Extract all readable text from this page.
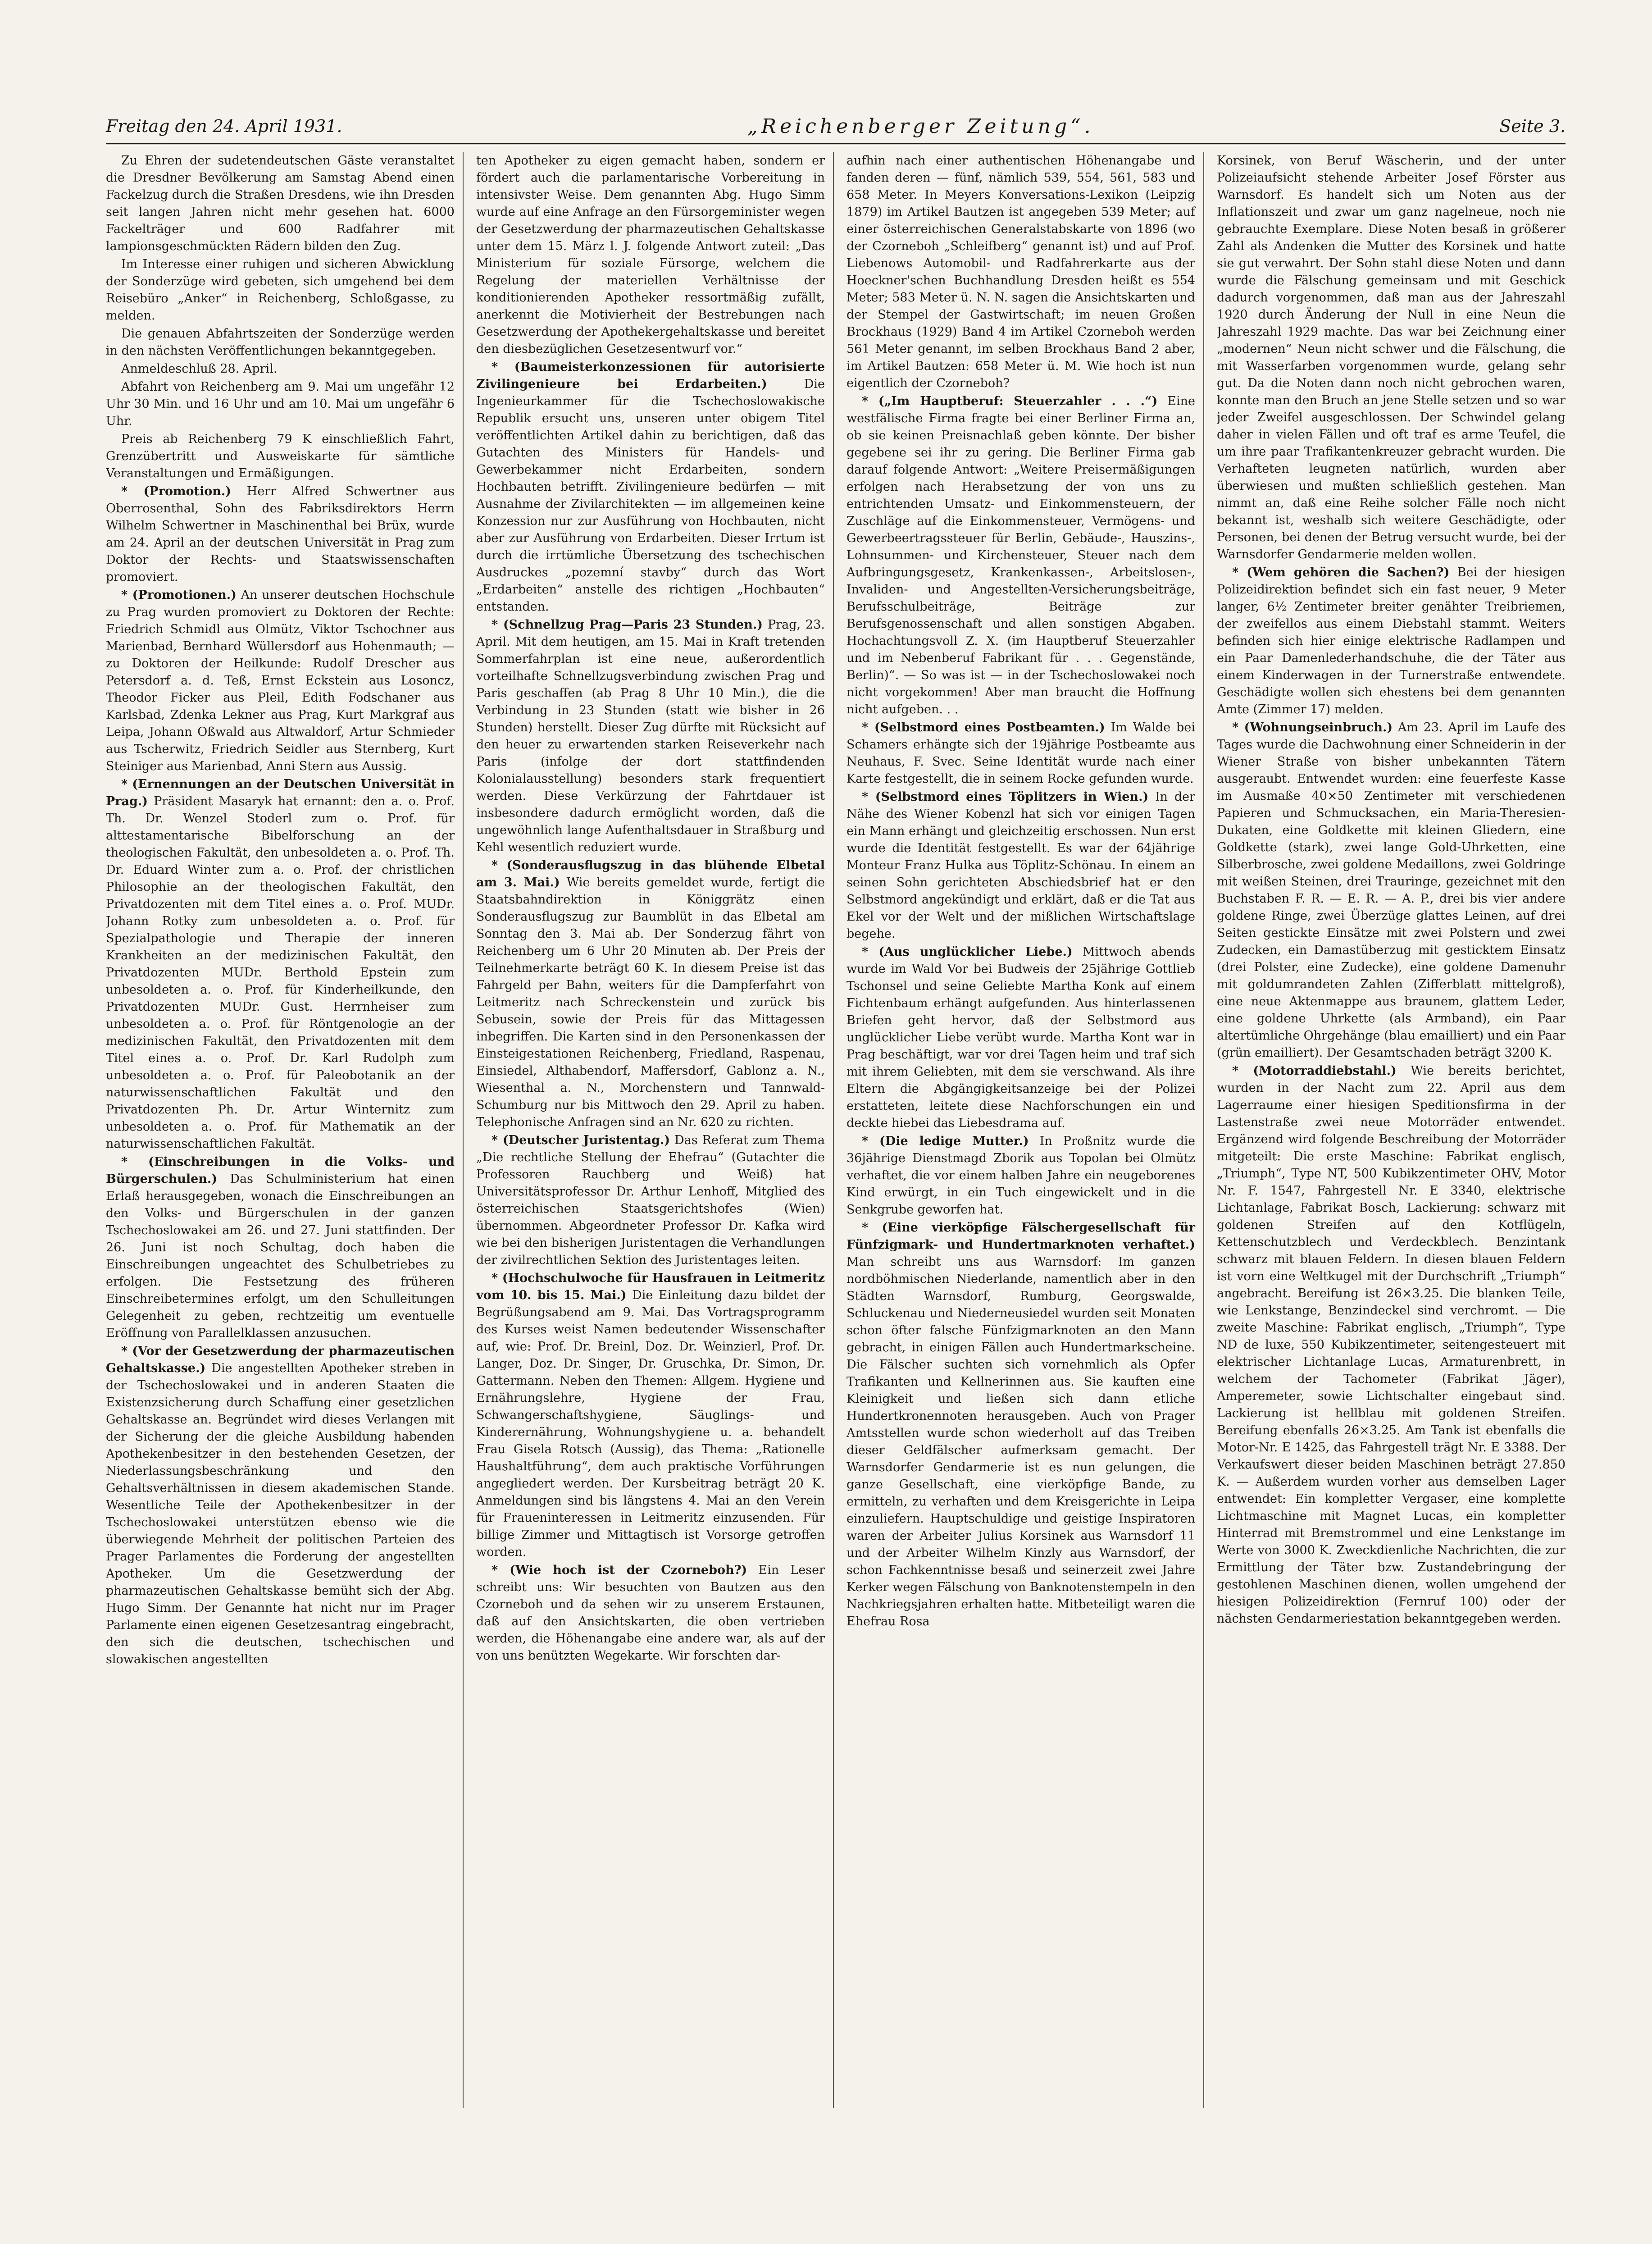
Freitag den 24. April 1931.	„Reichenberger Zeitung“.	Seite 3.

Zu Ehren der sudetendeutschen Gäste veranstaltet die Dresdner Bevölkerung am Samstag Abend einen Fackelzug durch die Straßen Dresdens, wie ihn Dresden seit langen Jahren nicht mehr gesehen hat. 6000 Fackelträger und 600 Radfahrer mit lampionsgeschmückten Rädern bilden den Zug.

Im Interesse einer ruhigen und sicheren Abwicklung der Sonderzüge wird gebeten, sich umgehend bei dem Reisebüro „Anker“ in Reichenberg, Schloßgasse, zu melden.

Die genauen Abfahrtszeiten der Sonderzüge werden in den nächsten Veröffentlichungen bekanntgegeben.

Anmeldeschluß 28. April.

Abfahrt von Reichenberg am 9. Mai um ungefähr 12 Uhr 30 Min. und 16 Uhr und am 10. Mai um ungefähr 6 Uhr.

Preis ab Reichenberg 79 K einschließlich Fahrt, Grenzübertritt und Ausweiskarte für sämtliche Veranstaltungen und Ermäßigungen.

* (Promotion.) Herr Alfred Schwertner aus Oberrosenthal, Sohn des Fabriksdirektors Herrn Wilhelm Schwertner in Maschinenthal bei Brüx, wurde am 24. April an der deutschen Universität in Prag zum Doktor der Rechts- und Staatswissenschaften promoviert.

* (Promotionen.) An unserer deutschen Hochschule zu Prag wurden promoviert zu Doktoren der Rechte: Friedrich Schmidl aus Olmütz, Viktor Tschochner aus Marienbad, Bernhard Wüllersdorf aus Hohenmauth; — zu Doktoren der Heilkunde: Rudolf Drescher aus Petersdorf a. d. Teß, Ernst Eckstein aus Losoncz, Theodor Ficker aus Pleil, Edith Fodschaner aus Karlsbad, Zdenka Lekner aus Prag, Kurt Markgraf aus Leipa, Johann Oßwald aus Altwaldorf, Artur Schmieder aus Tscherwitz, Friedrich Seidler aus Sternberg, Kurt Steiniger aus Marienbad, Anni Stern aus Aussig.

* (Ernennungen an der Deutschen Universität in Prag.) Präsident Masaryk hat ernannt: den a. o. Prof. Th. Dr. Wenzel Stoderl zum o. Prof. für alttestamentarische Bibelforschung an der theologischen Fakultät, den unbesoldeten a. o. Prof. Th. Dr. Eduard Winter zum a. o. Prof. der christlichen Philosophie an der theologischen Fakultät, den Privatdozenten mit dem Titel eines a. o. Prof. MUDr. Johann Rotky zum unbesoldeten a. o. Prof. für Spezialpathologie und Therapie der inneren Krankheiten an der medizinischen Fakultät, den Privatdozenten MUDr. Berthold Epstein zum unbesoldeten a. o. Prof. für Kinderheilkunde, den Privatdozenten MUDr. Gust. Herrnheiser zum unbesoldeten a. o. Prof. für Röntgenologie an der medizinischen Fakultät, den Privatdozenten mit dem Titel eines a. o. Prof. Dr. Karl Rudolph zum unbesoldeten a. o. Prof. für Paleobotanik an der naturwissenschaftlichen Fakultät und den Privatdozenten Ph. Dr. Artur Winternitz zum unbesoldeten a. o. Prof. für Mathematik an der naturwissenschaftlichen Fakultät.

* (Einschreibungen in die Volks- und Bürgerschulen.) Das Schulministerium hat einen Erlaß herausgegeben, wonach die Einschreibungen an den Volks- und Bürgerschulen in der ganzen Tschechoslowakei am 26. und 27. Juni stattfinden. Der 26. Juni ist noch Schultag, doch haben die Einschreibungen ungeachtet des Schulbetriebes zu erfolgen. Die Festsetzung des früheren Einschreibetermines erfolgt, um den Schulleitungen Gelegenheit zu geben, rechtzeitig um eventuelle Eröffnung von Parallelklassen anzusuchen.

* (Vor der Gesetzwerdung der pharmazeutischen Gehaltskasse.) Die angestellten Apotheker streben in der Tschechoslowakei und in anderen Staaten die Existenzsicherung durch Schaffung einer gesetzlichen Gehaltskasse an. Begründet wird dieses Verlangen mit der Sicherung der die gleiche Ausbildung habenden Apothekenbesitzer in den bestehenden Gesetzen, der Niederlassungsbeschränkung und den Gehaltsverhältnissen in diesem akademischen Stande. Wesentliche Teile der Apothekenbesitzer in der Tschechoslowakei unterstützen ebenso wie die überwiegende Mehrheit der politischen Parteien des Prager Parlamentes die Forderung der angestellten Apotheker. Um die Gesetzwerdung der pharmazeutischen Gehaltskasse bemüht sich der Abg. Hugo Simm. Der Genannte hat nicht nur im Prager Parlamente einen eigenen Gesetzesantrag eingebracht, den sich die deutschen, tschechischen und slowakischen angestellten

ten Apotheker zu eigen gemacht haben, sondern er fördert auch die parlamentarische Vorbereitung in intensivster Weise. Dem genannten Abg. Hugo Simm wurde auf eine Anfrage an den Fürsorgeminister wegen der Gesetzwerdung der pharmazeutischen Gehaltskasse unter dem 15. März l. J. folgende Antwort zuteil: „Das Ministerium für soziale Fürsorge, welchem die Regelung der materiellen Verhältnisse der konditionierenden Apotheker ressortmäßig zufällt, anerkennt die Motivierheit der Bestrebungen nach Gesetzwerdung der Apothekergehaltskasse und bereitet den diesbezüglichen Gesetzesentwurf vor.“

* (Baumeisterkonzessionen für autorisierte Zivilingenieure bei Erdarbeiten.) Die Ingenieurkammer für die Tschechoslowakische Republik ersucht uns, unseren unter obigem Titel veröffentlichten Artikel dahin zu berichtigen, daß das Gutachten des Ministers für Handels- und Gewerbekammer nicht Erdarbeiten, sondern Hochbauten betrifft. Zivilingenieure bedürfen — mit Ausnahme der Zivilarchitekten — im allgemeinen keine Konzession nur zur Ausführung von Hochbauten, nicht aber zur Ausführung von Erdarbeiten. Dieser Irrtum ist durch die irrtümliche Übersetzung des tschechischen Ausdruckes „pozemní stavby“ durch das Wort „Erdarbeiten“ anstelle des richtigen „Hochbauten“ entstanden.

* (Schnellzug Prag—Paris 23 Stunden.) Prag, 23. April. Mit dem heutigen, am 15. Mai in Kraft tretenden Sommerfahrplan ist eine neue, außerordentlich vorteilhafte Schnellzugsverbindung zwischen Prag und Paris geschaffen (ab Prag 8 Uhr 10 Min.), die die Verbindung in 23 Stunden (statt wie bisher in 26 Stunden) herstellt. Dieser Zug dürfte mit Rücksicht auf den heuer zu erwartenden starken Reiseverkehr nach Paris (infolge der dort stattfindenden Kolonialausstellung) besonders stark frequentiert werden. Diese Verkürzung der Fahrtdauer ist insbesondere dadurch ermöglicht worden, daß die ungewöhnlich lange Aufenthaltsdauer in Straßburg und Kehl wesentlich reduziert wurde.

* (Sonderausflugszug in das blühende Elbetal am 3. Mai.) Wie bereits gemeldet wurde, fertigt die Staatsbahndirektion in Königgrätz einen Sonderausflugszug zur Baumblüt in das Elbetal am Sonntag den 3. Mai ab. Der Sonderzug fährt von Reichenberg um 6 Uhr 20 Minuten ab. Der Preis der Teilnehmerkarte beträgt 60 K. In diesem Preise ist das Fahrgeld per Bahn, weiters für die Dampferfahrt von Leitmeritz nach Schreckenstein und zurück bis Sebusein, sowie der Preis für das Mittagessen inbegriffen. Die Karten sind in den Personenkassen der Einsteigestationen Reichenberg, Friedland, Raspenau, Einsiedel, Althabendorf, Maffersdorf, Gablonz a. N., Wiesenthal a. N., Morchenstern und Tannwald-Schumburg nur bis Mittwoch den 29. April zu haben. Telephonische Anfragen sind an Nr. 620 zu richten.

* (Deutscher Juristentag.) Das Referat zum Thema „Die rechtliche Stellung der Ehefrau“ (Gutachter die Professoren Rauchberg und Weiß) hat Universitätsprofessor Dr. Arthur Lenhoff, Mitglied des österreichischen Staatsgerichtshofes (Wien) übernommen. Abgeordneter Professor Dr. Kafka wird wie bei den bisherigen Juristentagen die Verhandlungen der zivilrechtlichen Sektion des Juristentages leiten.

* (Hochschulwoche für Hausfrauen in Leitmeritz vom 10. bis 15. Mai.) Die Einleitung dazu bildet der Begrüßungsabend am 9. Mai. Das Vortragsprogramm des Kurses weist Namen bedeutender Wissenschafter auf, wie: Prof. Dr. Breinl, Doz. Dr. Weinzierl, Prof. Dr. Langer, Doz. Dr. Singer, Dr. Gruschka, Dr. Simon, Dr. Gattermann. Neben den Themen: Allgem. Hygiene und Ernährungslehre, Hygiene der Frau, Schwangerschaftshygiene, Säuglings- und Kinderernährung, Wohnungshygiene u. a. behandelt Frau Gisela Rotsch (Aussig), das Thema: „Rationelle Haushaltführung“, dem auch praktische Vorführungen angegliedert werden. Der Kursbeitrag beträgt 20 K. Anmeldungen sind bis längstens 4. Mai an den Verein für Fraueninteressen in Leitmeritz einzusenden. Für billige Zimmer und Mittagtisch ist Vorsorge getroffen worden.

* (Wie hoch ist der Czorneboh?) Ein Leser schreibt uns: Wir besuchten von Bautzen aus den Czorneboh und da sehen wir zu unserem Erstaunen, daß auf den Ansichtskarten, die oben vertrieben werden, die Höhenangabe eine andere war, als auf der von uns benützten Wegekarte. Wir forschten dar-

aufhin nach einer authentischen Höhenangabe und fanden deren — fünf, nämlich 539, 554, 561, 583 und 658 Meter. In Meyers Konversations-Lexikon (Leipzig 1879) im Artikel Bautzen ist angegeben 539 Meter; auf einer österreichischen Generalstabskarte von 1896 (wo der Czorneboh „Schleifberg“ genannt ist) und auf Prof. Liebenows Automobil- und Radfahrerkarte aus der Hoeckner'schen Buchhandlung Dresden heißt es 554 Meter; 583 Meter ü. N. N. sagen die Ansichtskarten und der Stempel der Gastwirtschaft; im neuen Großen Brockhaus (1929) Band 4 im Artikel Czorneboh werden 561 Meter genannt, im selben Brockhaus Band 2 aber, im Artikel Bautzen: 658 Meter ü. M. Wie hoch ist nun eigentlich der Czorneboh?

* („Im Hauptberuf: Steuerzahler . . .“) Eine westfälische Firma fragte bei einer Berliner Firma an, ob sie keinen Preisnachlaß geben könnte. Der bisher gegebene sei ihr zu gering. Die Berliner Firma gab darauf folgende Antwort: „Weitere Preisermäßigungen erfolgen nach Herabsetzung der von uns zu entrichtenden Umsatz- und Einkommensteuern, der Zuschläge auf die Einkommensteuer, Vermögens- und Gewerbeertragssteuer für Berlin, Gebäude-, Hauszins-, Lohnsummen- und Kirchensteuer, Steuer nach dem Aufbringungsgesetz, Krankenkassen-, Arbeitslosen-, Invaliden- und Angestellten-Versicherungsbeiträge, Berufsschulbeiträge, Beiträge zur Berufsgenossenschaft und allen sonstigen Abgaben. Hochachtungsvoll Z. X. (im Hauptberuf Steuerzahler und im Nebenberuf Fabrikant für . . . Gegenstände, Berlin)“. — So was ist — in der Tschechoslowakei noch nicht vorgekommen! Aber man braucht die Hoffnung nicht aufgeben. . .

* (Selbstmord eines Postbeamten.) Im Walde bei Schamers erhängte sich der 19jährige Postbeamte aus Neuhaus, F. Svec. Seine Identität wurde nach einer Karte festgestellt, die in seinem Rocke gefunden wurde.

* (Selbstmord eines Töplitzers in Wien.) In der Nähe des Wiener Kobenzl hat sich vor einigen Tagen ein Mann erhängt und gleichzeitig erschossen. Nun erst wurde die Identität festgestellt. Es war der 64jährige Monteur Franz Hulka aus Töplitz-Schönau. In einem an seinen Sohn gerichteten Abschiedsbrief hat er den Selbstmord angekündigt und erklärt, daß er die Tat aus Ekel vor der Welt und der mißlichen Wirtschaftslage begehe.

* (Aus unglücklicher Liebe.) Mittwoch abends wurde im Wald Vor bei Budweis der 25jährige Gottlieb Tschonsel und seine Geliebte Martha Konk auf einem Fichtenbaum erhängt aufgefunden. Aus hinterlassenen Briefen geht hervor, daß der Selbstmord aus unglücklicher Liebe verübt wurde. Martha Kont war in Prag beschäftigt, war vor drei Tagen heim und traf sich mit ihrem Geliebten, mit dem sie verschwand. Als ihre Eltern die Abgängigkeitsanzeige bei der Polizei erstatteten, leitete diese Nachforschungen ein und deckte hiebei das Liebesdrama auf.

* (Die ledige Mutter.) In Proßnitz wurde die 36jährige Dienstmagd Zborik aus Topolan bei Olmütz verhaftet, die vor einem halben Jahre ein neugeborenes Kind erwürgt, in ein Tuch eingewickelt und in die Senkgrube geworfen hat.

* (Eine vierköpfige Fälschergesellschaft für Fünfzigmark- und Hundertmarknoten verhaftet.) Man schreibt uns aus Warnsdorf: Im ganzen nordböhmischen Niederlande, namentlich aber in den Städten Warnsdorf, Rumburg, Georgswalde, Schluckenau und Niederneusiedel wurden seit Monaten schon öfter falsche Fünfzigmarknoten an den Mann gebracht, in einigen Fällen auch Hundertmarkscheine. Die Fälscher suchten sich vornehmlich als Opfer Trafikanten und Kellnerinnen aus. Sie kauften eine Kleinigkeit und ließen sich dann etliche Hundertkronennoten herausgeben. Auch von Prager Amtsstellen wurde schon wiederholt auf das Treiben dieser Geldfälscher aufmerksam gemacht. Der Warnsdorfer Gendarmerie ist es nun gelungen, die ganze Gesellschaft, eine vierköpfige Bande, zu ermitteln, zu verhaften und dem Kreisgerichte in Leipa einzuliefern. Hauptschuldige und geistige Inspiratoren waren der Arbeiter Julius Korsinek aus Warnsdorf 11 und der Arbeiter Wilhelm Kinzly aus Warnsdorf, der schon Fachkenntnisse besaß und seinerzeit zwei Jahre Kerker wegen Fälschung von Banknotenstempeln in den Nachkriegsjahren erhalten hatte. Mitbeteiligt waren die Ehefrau Rosa

Korsinek, von Beruf Wäscherin, und der unter Polizeiaufsicht stehende Arbeiter Josef Förster aus Warnsdorf. Es handelt sich um Noten aus der Inflationszeit und zwar um ganz nagelneue, noch nie gebrauchte Exemplare. Diese Noten besaß in größerer Zahl als Andenken die Mutter des Korsinek und hatte sie gut verwahrt. Der Sohn stahl diese Noten und dann wurde die Fälschung gemeinsam und mit Geschick dadurch vorgenommen, daß man aus der Jahreszahl 1920 durch Änderung der Null in eine Neun die Jahreszahl 1929 machte. Das war bei Zeichnung einer „modernen“ Neun nicht schwer und die Fälschung, die mit Wasserfarben vorgenommen wurde, gelang sehr gut. Da die Noten dann noch nicht gebrochen waren, konnte man den Bruch an jene Stelle setzen und so war jeder Zweifel ausgeschlossen. Der Schwindel gelang daher in vielen Fällen und oft traf es arme Teufel, die um ihre paar Trafikantenkreuzer gebracht wurden. Die Verhafteten leugneten natürlich, wurden aber überwiesen und mußten schließlich gestehen. Man nimmt an, daß eine Reihe solcher Fälle noch nicht bekannt ist, weshalb sich weitere Geschädigte, oder Personen, bei denen der Betrug versucht wurde, bei der Warnsdorfer Gendarmerie melden wollen.

* (Wem gehören die Sachen?) Bei der hiesigen Polizeidirektion befindet sich ein fast neuer, 9 Meter langer, 6½ Zentimeter breiter genähter Treibriemen, der zweifellos aus einem Diebstahl stammt. Weiters befinden sich hier einige elektrische Radlampen und ein Paar Damenlederhandschuhe, die der Täter aus einem Kinderwagen in der Turnerstraße entwendete. Geschädigte wollen sich ehestens bei dem genannten Amte (Zimmer 17) melden.

* (Wohnungseinbruch.) Am 23. April im Laufe des Tages wurde die Dachwohnung einer Schneiderin in der Wiener Straße von bisher unbekannten Tätern ausgeraubt. Entwendet wurden: eine feuerfeste Kasse im Ausmaße 40×50 Zentimeter mit verschiedenen Papieren und Schmucksachen, ein Maria-Theresien-Dukaten, eine Goldkette mit kleinen Gliedern, eine Goldkette (stark), zwei lange Gold-Uhrketten, eine Silberbrosche, zwei goldene Medaillons, zwei Goldringe mit weißen Steinen, drei Trauringe, gezeichnet mit den Buchstaben F. R. — E. R. — A. P., drei bis vier andere goldene Ringe, zwei Überzüge glattes Leinen, auf drei Seiten gestickte Einsätze mit zwei Polstern und zwei Zudecken, ein Damastüberzug mit gesticktem Einsatz (drei Polster, eine Zudecke), eine goldene Damenuhr mit goldumrandeten Zahlen (Zifferblatt mittelgroß), eine neue Aktenmappe aus braunem, glattem Leder, eine goldene Uhrkette (als Armband), ein Paar altertümliche Ohrgehänge (blau emailliert) und ein Paar (grün emailliert). Der Gesamtschaden beträgt 3200 K.

* (Motorraddiebstahl.) Wie bereits berichtet, wurden in der Nacht zum 22. April aus dem Lagerraume einer hiesigen Speditionsfirma in der Lastenstraße zwei neue Motorräder entwendet. Ergänzend wird folgende Beschreibung der Motorräder mitgeteilt: Die erste Maschine: Fabrikat englisch, „Triumph“, Type NT, 500 Kubikzentimeter OHV, Motor Nr. F. 1547, Fahrgestell Nr. E 3340, elektrische Lichtanlage, Fabrikat Bosch, Lackierung: schwarz mit goldenen Streifen auf den Kotflügeln, Kettenschutzblech und Verdeckblech. Benzintank schwarz mit blauen Feldern. In diesen blauen Feldern ist vorn eine Weltkugel mit der Durchschrift „Triumph“ angebracht. Bereifung ist 26×3.25. Die blanken Teile, wie Lenkstange, Benzindeckel sind verchromt. — Die zweite Maschine: Fabrikat englisch, „Triumph“, Type ND de luxe, 550 Kubikzentimeter, seitengesteuert mit elektrischer Lichtanlage Lucas, Armaturenbrett, in welchem der Tachometer (Fabrikat Jäger), Amperemeter, sowie Lichtschalter eingebaut sind. Lackierung ist hellblau mit goldenen Streifen. Bereifung ebenfalls 26×3.25. Am Tank ist ebenfalls die Motor-Nr. E 1425, das Fahrgestell trägt Nr. E 3388. Der Verkaufswert dieser beiden Maschinen beträgt 27.850 K. — Außerdem wurden vorher aus demselben Lager entwendet: Ein kompletter Vergaser, eine komplette Lichtmaschine mit Magnet Lucas, ein kompletter Hinterrad mit Bremstrommel und eine Lenkstange im Werte von 3000 K. Zweckdienliche Nachrichten, die zur Ermittlung der Täter bzw. Zustandebringung der gestohlenen Maschinen dienen, wollen umgehend der hiesigen Polizeidirektion (Fernruf 100) oder der nächsten Gendarmeriestation bekanntgegeben werden.
